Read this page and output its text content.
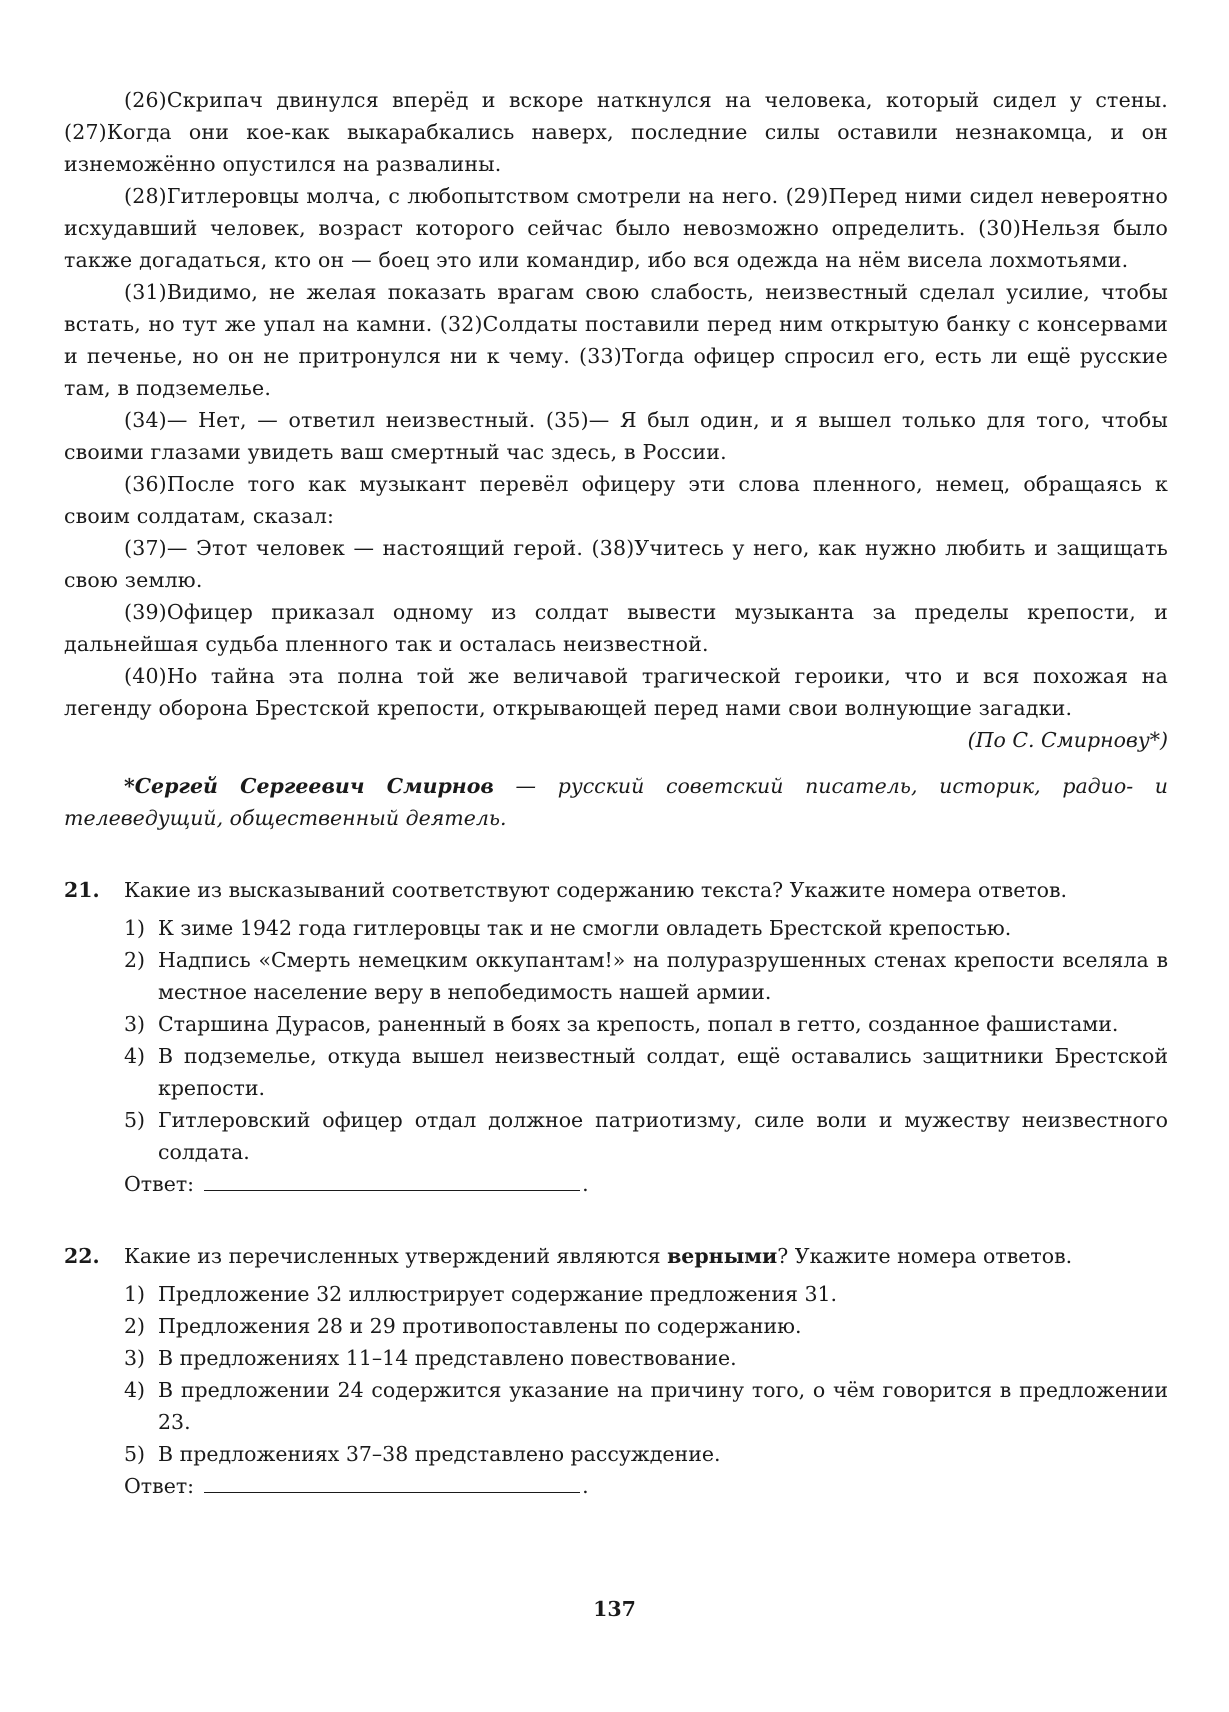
(26)Скрипач двинулся вперёд и вскоре наткнулся на человека, который сидел у стены. (27)Когда они кое-как выкарабкались наверх, последние силы оставили незнакомца, и он изнеможённо опустился на развалины.

(28)Гитлеровцы молча, с любопытством смотрели на него. (29)Перед ними сидел невероятно исхудавший человек, возраст которого сейчас было невозможно определить. (30)Нельзя было также догадаться, кто он — боец это или командир, ибо вся одежда на нём висела лохмотьями.

(31)Видимо, не желая показать врагам свою слабость, неизвестный сделал усилие, чтобы встать, но тут же упал на камни. (32)Солдаты поставили перед ним открытую банку с консервами и печенье, но он не притронулся ни к чему. (33)Тогда офицер спросил его, есть ли ещё русские там, в подземелье.

(34)— Нет, — ответил неизвестный. (35)— Я был один, и я вышел только для того, чтобы своими глазами увидеть ваш смертный час здесь, в России.

(36)После того как музыкант перевёл офицеру эти слова пленного, немец, обращаясь к своим солдатам, сказал:

(37)— Этот человек — настоящий герой. (38)Учитесь у него, как нужно любить и защищать свою землю.

(39)Офицер приказал одному из солдат вывести музыканта за пределы крепости, и дальнейшая судьба пленного так и осталась неизвестной.

(40)Но тайна эта полна той же величавой трагической героики, что и вся похожая на легенду оборона Брестской крепости, открывающей перед нами свои волнующие загадки.

(По С. Смирнову*)

*Сергей Сергеевич Смирнов — русский советский писатель, историк, радио- и телеведущий, общественный деятель.

21.	Какие из высказываний соответствуют содержанию текста? Укажите номера ответов.
1) К зиме 1942 года гитлеровцы так и не смогли овладеть Брестской крепостью.
2) Надпись «Смерть немецким оккупантам!» на полуразрушенных стенах крепости вселяла в местное население веру в непобедимость нашей армии.
3) Старшина Дурасов, раненный в боях за крепость, попал в гетто, созданное фашистами.
4) В подземелье, откуда вышел неизвестный солдат, ещё оставались защитники Брестской крепости.
5) Гитлеровский офицер отдал должное патриотизму, силе воли и мужеству неизвестного солдата.
Ответ:	.
22.	Какие из перечисленных утверждений являются верными? Укажите номера ответов.
1) Предложение 32 иллюстрирует содержание предложения 31.
2) Предложения 28 и 29 противопоставлены по содержанию.
3) В предложениях 11–14 представлено повествование.
4) В предложении 24 содержится указание на причину того, о чём говорится в предложении 23.
5) В предложениях 37–38 представлено рассуждение.
Ответ:	.
137
